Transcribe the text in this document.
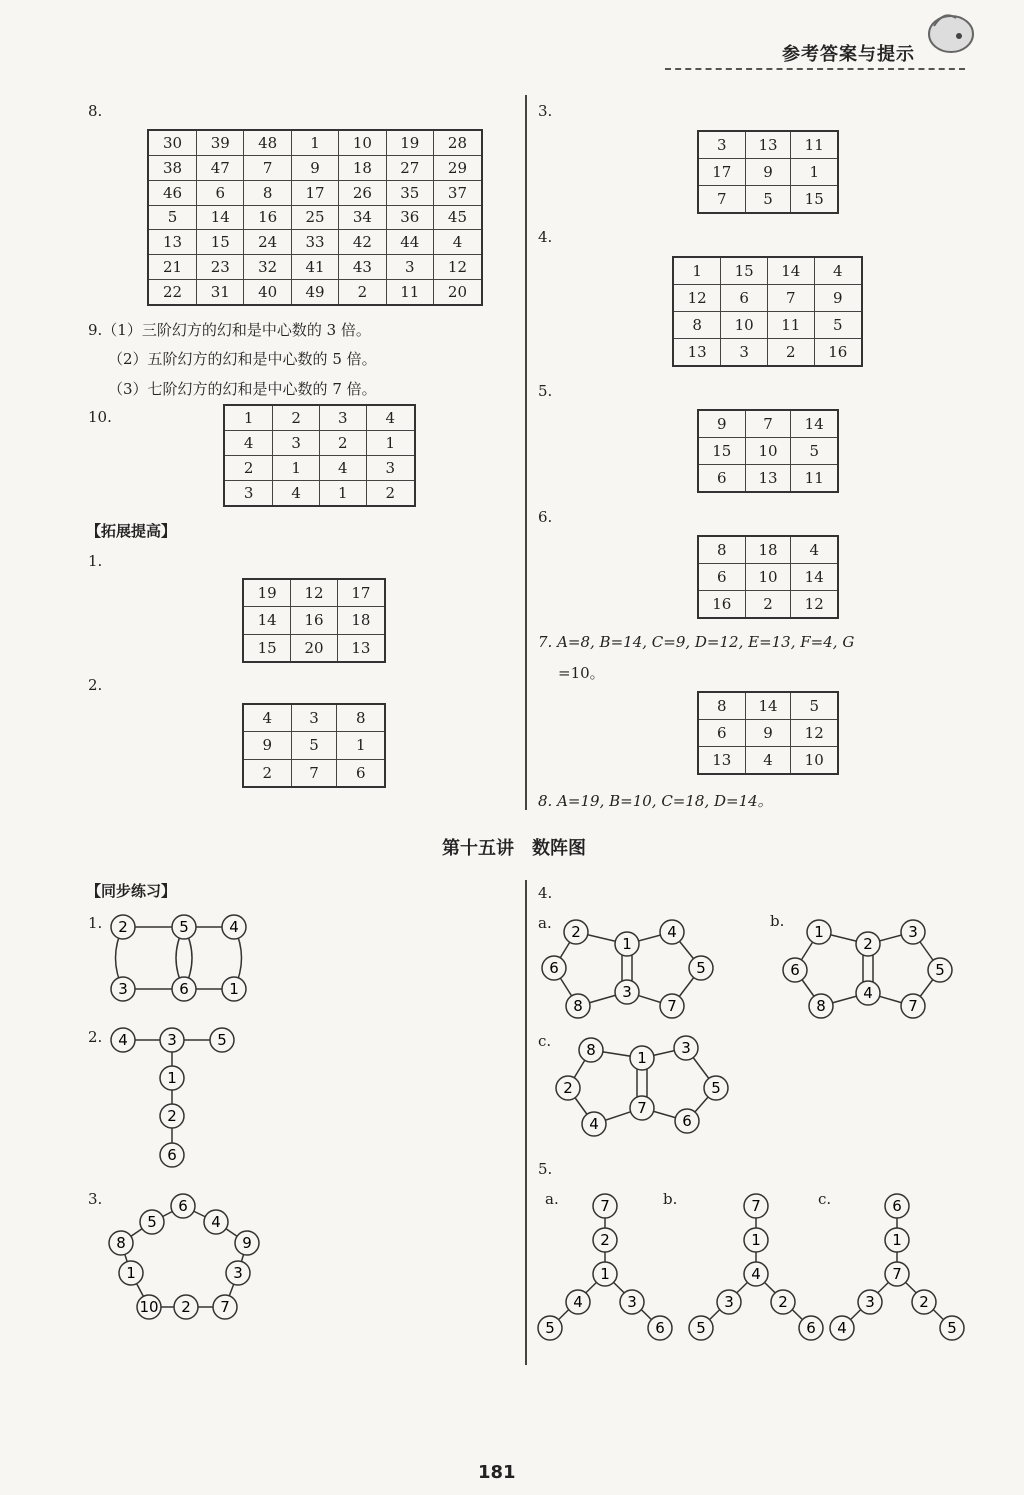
参考答案与提示
8.
30	39	48	1	10	19	28
38	47	7	9	18	27	29
46	6	8	17	26	35	37
5	14	16	25	34	36	45
13	15	24	33	42	44	4
21	23	32	41	43	3	12
22	31	40	49	2	11	20
9.（1）三阶幻方的幻和是中心数的 3 倍。
（2）五阶幻方的幻和是中心数的 5 倍。
（3）七阶幻方的幻和是中心数的 7 倍。
10.	1	2	3	4
4	3	2	1
2	1	4	3
3	4	1	2
【拓展提高】
1.
19	12	17
14	16	18
15	20	13
2.
4	3	8
9	5	1
2	7	6
3.
3	13	11
17	9	1
7	5	15
4.
1	15	14	4
12	6	7	9
8	10	11	5
13	3	2	16
5.
9	7	14
15	10	5
6	13	11
6.
8	18	4
6	10	14
16	2	12
7. A=8, B=14, C=9, D=12, E=13, F=4, G
=10。
8	14	5
6	9	12
13	4	10
8. A=19, B=10, C=18, D=14。
第十五讲　数阵图
【同步练习】
1.
2.
3.
4.
a.	b.
c.
5.
a.	b.	c.
2	5	4
3	6	1
4	3	5
1
2
6
6
5	4
8	9
1	3
10 2 7
2
1
4
6	5
8
3
7
1
2
3
6	5
8
4
7
8	1
3
2	5
4
7
6
7
2
1
4	3
5	6
7
1
4
3	2
5	6
6
1
7
3	2
4	5
181
